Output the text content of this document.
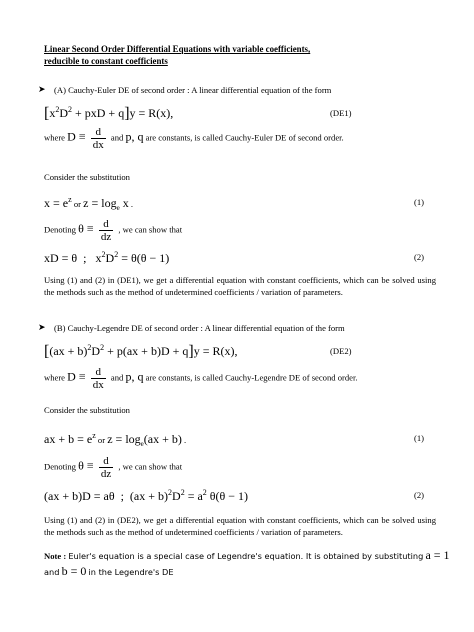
Linear Second Order Differential Equations with variable coefficients,
reducible to constant coefficients
➤ (A) Cauchy-Euler DE of second order : A linear differential equation of the form
[$x^2D^2$ + pxD + q]y = R(x),	(DE1)
where $D \equiv \frac{d}{dx}$ and p, q are constants, is called Cauchy-Euler DE of second order.
Consider the substitution
$x = e^z$ or $z = \log_e x$ .	(1)
Denoting $\theta \equiv \frac{d}{dz}$ , we can show that
xD = θ  ;   $x^2D^2 = \theta(\theta - 1)$	(2)
Using (1) and (2) in (DE1), we get a differential equation with constant coefficients, which can be solved using the methods such as the method of undetermined coefficients / variation of parameters.
➤ (B) Cauchy-Legendre DE of second order : A linear differential equation of the form
$[(ax + b)^2D^2 + p(ax + b)D + q]y = R(x)$,	(DE2)
where $D \equiv \frac{d}{dx}$ and p, q are constants, is called Cauchy-Legendre DE of second order.
Consider the substitution
ax + $b = e^z$ or $z = \log_e(ax + b)$ .	(1)
Denoting $\theta \equiv \frac{d}{dz}$ , we can show that
(ax + b)D = aθ  ;  $(ax + b)^2D^2 = a^2$ θ(θ − 1)	(2)
Using (1) and (2) in (DE2), we get a differential equation with constant coefficients, which can be solved using the methods such as the method of undetermined coefficients / variation of parameters.
Note : Euler's equation is a special case of Legendre's equation. It is obtained by substituting a = 1
and b = 0 in the Legendre's DE
